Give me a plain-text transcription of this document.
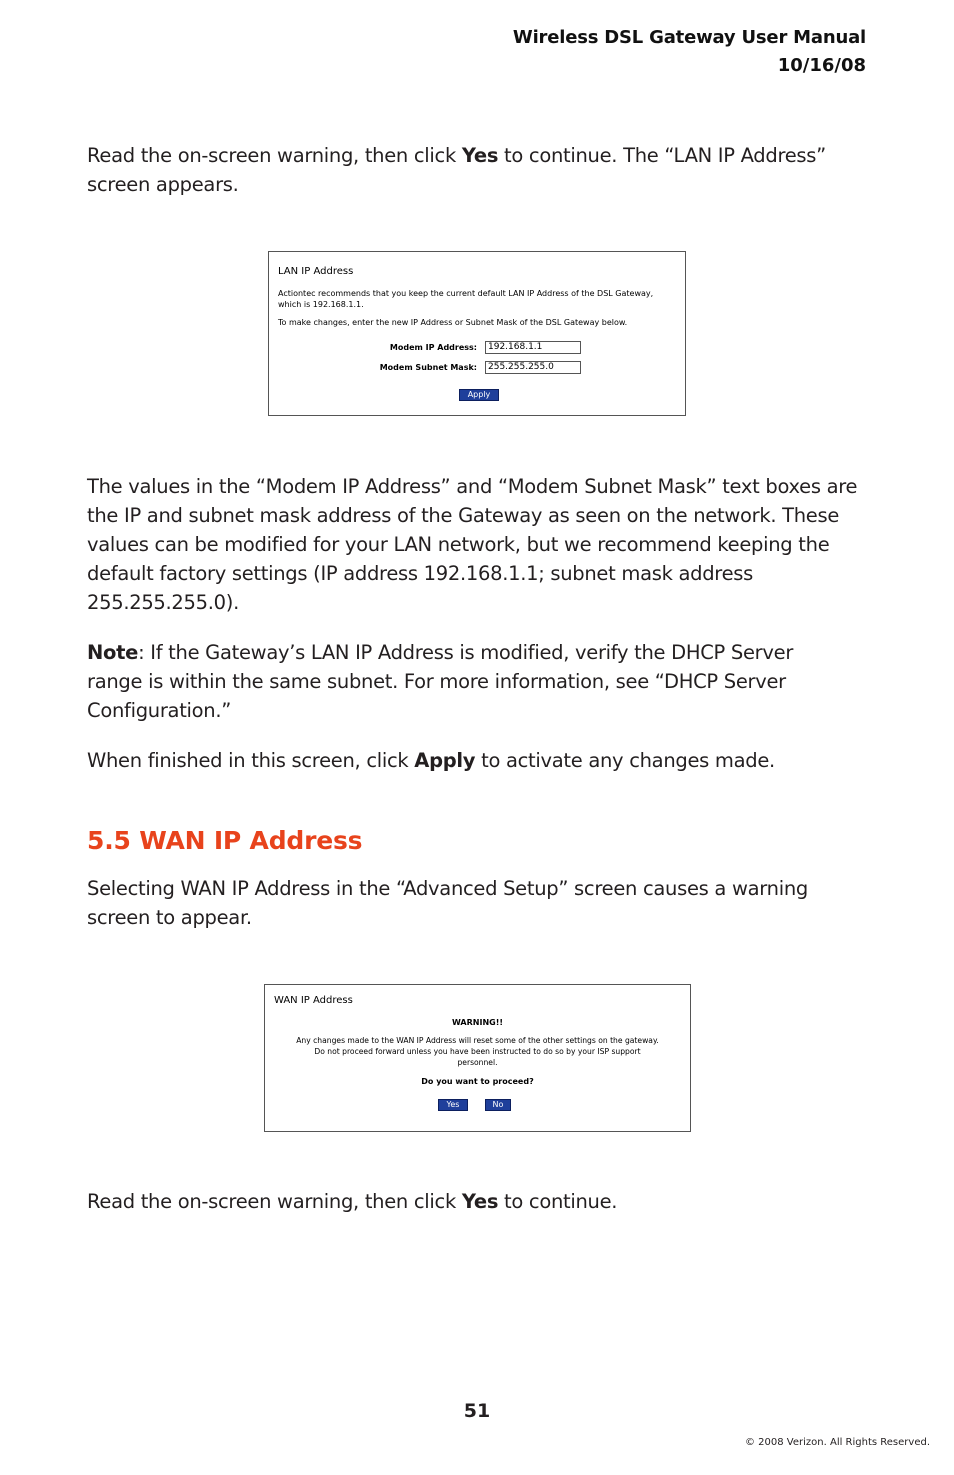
Wireless DSL Gateway User Manual
10/16/08
Read the on-screen warning, then click Yes to continue. The “LAN IP Address” screen appears.
LAN IP Address
Actiontec recommends that you keep the current default LAN IP Address of the DSL Gateway,
which is 192.168.1.1.
To make changes, enter the new IP Address or Subnet Mask of the DSL Gateway below.
Modem IP Address:	192.168.1.1
Modem Subnet Mask:	255.255.255.0
Apply
The values in the “Modem IP Address” and “Modem Subnet Mask” text boxes are the IP and subnet mask address of the Gateway as seen on the network. These values can be modified for your LAN network, but we recommend keeping the default factory settings (IP address 192.168.1.1; subnet mask address 255.255.255.0).
Note: If the Gateway’s LAN IP Address is modified, verify the DHCP Server range is within the same subnet. For more information, see “DHCP Server Configuration.”
When finished in this screen, click Apply to activate any changes made.
5.5 WAN IP Address
Selecting WAN IP Address in the “Advanced Setup” screen causes a warning screen to appear.
WAN IP Address
WARNING!!
Any changes made to the WAN IP Address will reset some of the other settings on the gateway.
Do not proceed forward unless you have been instructed to do so by your ISP support
personnel.
Do you want to proceed?
Yes	No
Read the on-screen warning, then click Yes to continue.
51
© 2008 Verizon. All Rights Reserved.
